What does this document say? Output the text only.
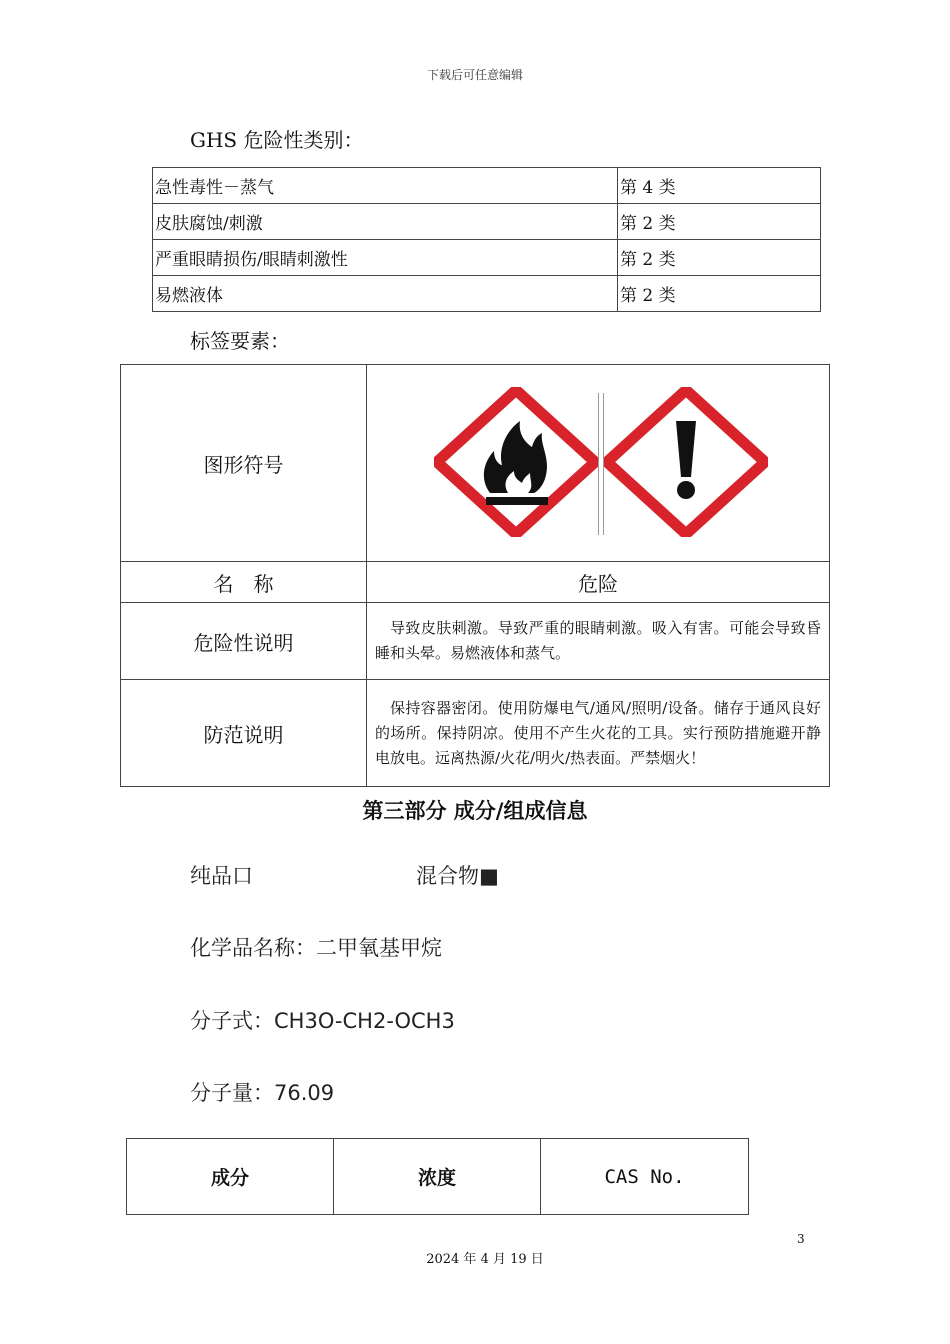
下载后可任意编辑
GHS 危险性类别：
急性毒性－蒸气	第 4 类
皮肤腐蚀/刺激	第 2 类
严重眼睛损伤/眼睛刺激性	第 2 类
易燃液体	第 2 类
标签要素：
图形符号	

名　称	危险
危险性说明	导致皮肤刺激。导致严重的眼睛刺激。吸入有害。可能会导致昏睡和头晕。易燃液体和蒸气。
防范说明	保持容器密闭。使用防爆电气/通风/照明/设备。储存于通风良好的场所。保持阴凉。使用不产生火花的工具。实行预防措施避开静电放电。远离热源/火花/明火/热表面。严禁烟火！
第三部分 成分/组成信息
纯品口	混合物■
化学品名称：二甲氧基甲烷
分子式：CH3O-CH2-OCH3
分子量：76.09
成分	浓度	CAS No.
3
2024 年 4 月 19 日
